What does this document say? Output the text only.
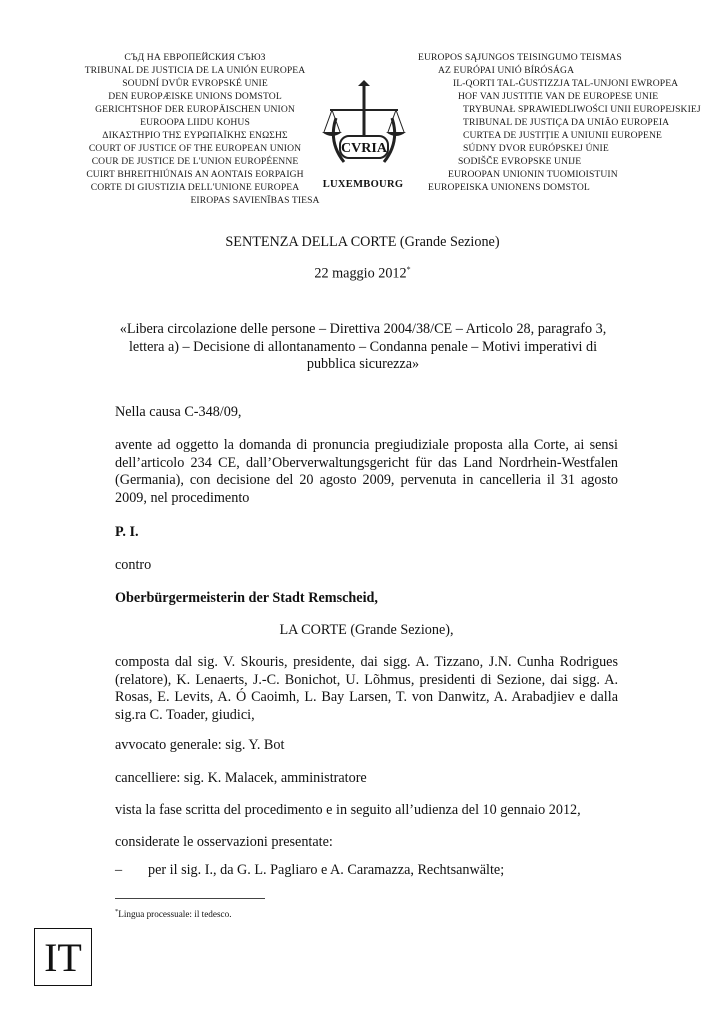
СЪД НА ЕВРОПЕЙСКИЯ СЪЮЗ
TRIBUNAL DE JUSTICIA DE LA UNIÓN EUROPEA
SOUDNÍ DVŮR EVROPSKÉ UNIE
DEN EUROPÆISKE UNIONS DOMSTOL
GERICHTSHOF DER EUROPÄISCHEN UNION
EUROOPA LIIDU KOHUS
ΔΙΚΑΣΤΗΡΙΟ ΤΗΣ ΕΥΡΩΠΑΪΚΗΣ ΕΝΩΣΗΣ
COURT OF JUSTICE OF THE EUROPEAN UNION
COUR DE JUSTICE DE L'UNION EUROPÉENNE
CUIRT BHREITHIÚNAIS AN AONTAIS EORPAIGH
CORTE DI GIUSTIZIA DELL'UNIONE EUROPEA
EIROPAS SAVIENĪBAS TIESA
CVRIA
LUXEMBOURG
EUROPOS SĄJUNGOS TEISINGUMO TEISMAS
AZ EURÓPAI UNIÓ BÍRÓSÁGA
IL-QORTI TAL-ĠUSTIZZJA TAL-UNJONI EWROPEA
HOF VAN JUSTITIE VAN DE EUROPESE UNIE
TRYBUNAŁ SPRAWIEDLIWOŚCI UNII EUROPEJSKIEJ
TRIBUNAL DE JUSTIÇA DA UNIÃO EUROPEIA
CURTEA DE JUSTIȚIE A UNIUNII EUROPENE
SÚDNY DVOR EURÓPSKEJ ÚNIE
SODIŠČE EVROPSKE UNIJE
EUROOPAN UNIONIN TUOMIOISTUIN
EUROPEISKA UNIONENS DOMSTOL
SENTENZA DELLA CORTE (Grande Sezione)
22 maggio 2012*
«Libera circolazione delle persone – Direttiva 2004/38/CE – Articolo 28, paragrafo 3, lettera a) – Decisione di allontanamento – Condanna penale – Motivi imperativi di pubblica sicurezza»
Nella causa C-348/09,
avente ad oggetto la domanda di pronuncia pregiudiziale proposta alla Corte, ai sensi dell’articolo 234 CE, dall’Oberverwaltungsgericht für das Land Nordrhein-Westfalen (Germania), con decisione del 20 agosto 2009, pervenuta in cancelleria il 31 agosto 2009, nel procedimento
P. I.
contro
Oberbürgermeisterin der Stadt Remscheid,
LA CORTE (Grande Sezione),
composta dal sig. V. Skouris, presidente, dai sigg. A. Tizzano, J.N. Cunha Rodrigues (relatore), K. Lenaerts, J.-C. Bonichot, U. Lõhmus, presidenti di Sezione, dai sigg. A. Rosas, E. Levits, A. Ó Caoimh, L. Bay Larsen, T. von Danwitz, A. Arabadjiev e dalla sig.ra C. Toader, giudici,
avvocato generale: sig. Y. Bot
cancelliere: sig. K. Malacek, amministratore
vista la fase scritta del procedimento e in seguito all’udienza del 10 gennaio 2012,
considerate le osservazioni presentate:
– per il sig. I., da G. L. Pagliaro e A. Caramazza, Rechtsanwälte;
*Lingua processuale: il tedesco.
IT
